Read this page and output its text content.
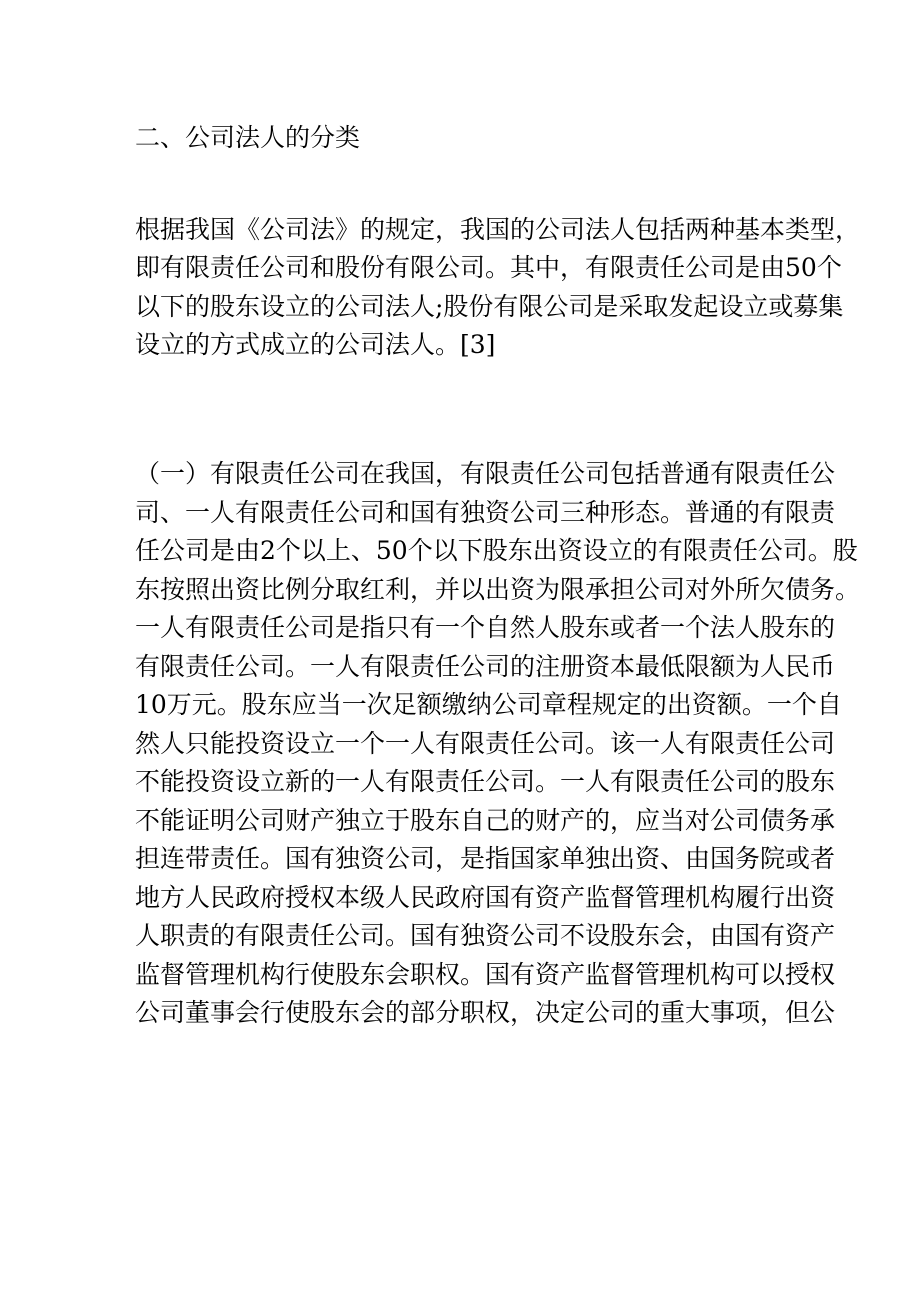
二、公司法人的分类
根据我国《公司法》的规定，我国的公司法人包括两种基本类型，
即有限责任公司和股份有限公司。其中，有限责任公司是由50个
以下的股东设立的公司法人;股份有限公司是采取发起设立或募集
设立的方式成立的公司法人。[3]
（一）有限责任公司在我国，有限责任公司包括普通有限责任公
司、一人有限责任公司和国有独资公司三种形态。普通的有限责
任公司是由2个以上、50个以下股东出资设立的有限责任公司。股
东按照出资比例分取红利，并以出资为限承担公司对外所欠债务。
一人有限责任公司是指只有一个自然人股东或者一个法人股东的
有限责任公司。一人有限责任公司的注册资本最低限额为人民币
10万元。股东应当一次足额缴纳公司章程规定的出资额。一个自
然人只能投资设立一个一人有限责任公司。该一人有限责任公司
不能投资设立新的一人有限责任公司。一人有限责任公司的股东
不能证明公司财产独立于股东自己的财产的，应当对公司债务承
担连带责任。国有独资公司，是指国家单独出资、由国务院或者
地方人民政府授权本级人民政府国有资产监督管理机构履行出资
人职责的有限责任公司。国有独资公司不设股东会，由国有资产
监督管理机构行使股东会职权。国有资产监督管理机构可以授权
公司董事会行使股东会的部分职权，决定公司的重大事项，但公
